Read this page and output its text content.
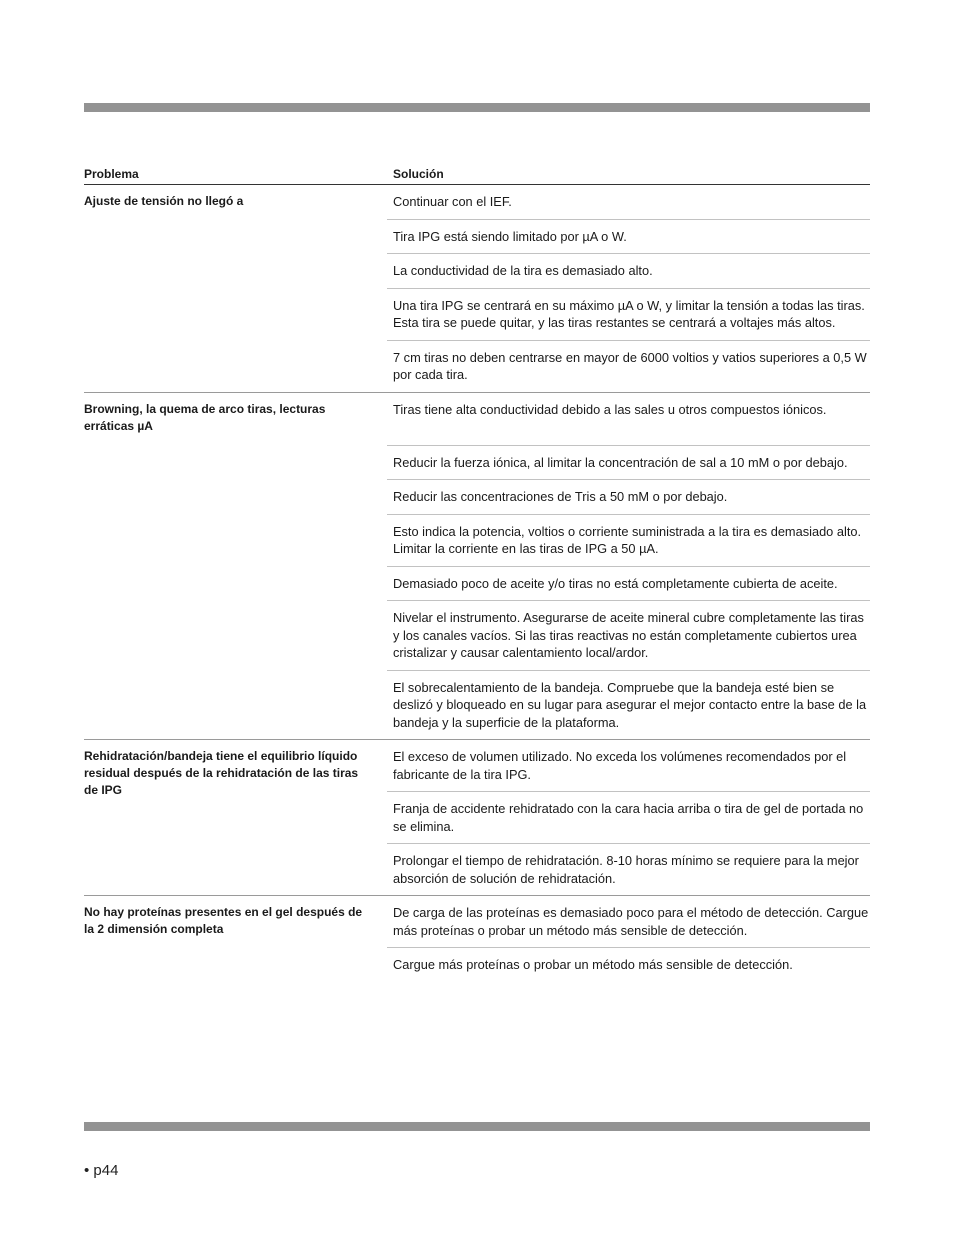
Problema	Solución
Ajuste de tensión no llegó a	Continuar con el IEF.
Tira IPG está siendo limitado por µA o W.
La conductividad de la tira es demasiado alto.
Una tira IPG se centrará en su máximo µA o W, y limitar la tensión a todas las tiras. Esta tira se puede quitar, y las tiras restantes se centrará a voltajes más altos.
7 cm tiras no deben centrarse en mayor de 6000 voltios y vatios superiores a 0,5 W por cada tira.
Browning, la quema de arco tiras, lecturas erráticas µA
Tiras tiene alta conductividad debido a las sales u otros compuestos iónicos.
Reducir la fuerza iónica, al limitar la concentración de sal a 10 mM o por debajo.
Reducir las concentraciones de Tris a 50 mM o por debajo.
Esto indica la potencia, voltios o corriente suministrada a la tira es demasiado alto. Limitar la corriente en las tiras de IPG a 50 µA.
Demasiado poco de aceite y/o tiras no está completamente cubierta de aceite.
Nivelar el instrumento. Asegurarse de aceite mineral cubre completamente las tiras y los canales vacíos. Si las tiras reactivas no están completamente cubiertos urea cristalizar y causar calentamiento local/ardor.
El sobrecalentamiento de la bandeja. Compruebe que la bandeja esté bien se deslizó y bloqueado en su lugar para asegurar el mejor contacto entre la base de la bandeja y la superficie de la plataforma.
Rehidratación/bandeja tiene el equilibrio líquido residual después de la rehidratación de las tiras de IPG
El exceso de volumen utilizado. No exceda los volúmenes recomendados por el fabricante de la tira IPG.
Franja de accidente rehidratado con la cara hacia arriba o tira de gel de portada no se elimina.
Prolongar el tiempo de rehidratación. 8-10 horas mínimo se requiere para la mejor absorción de solución de rehidratación.
No hay proteínas presentes en el gel después de la 2 dimensión completa
De carga de las proteínas es demasiado poco para el método de detección. Cargue más proteínas o probar un método más sensible de detección.
Cargue más proteínas o probar un método más sensible de detección.
• p44
